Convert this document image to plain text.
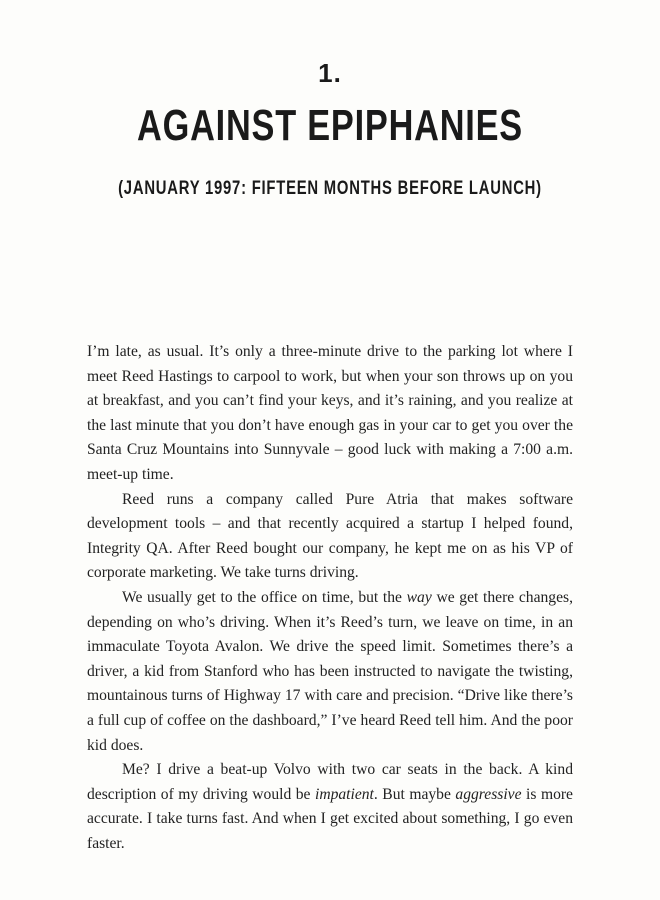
1.
AGAINST EPIPHANIES
(JANUARY 1997: FIFTEEN MONTHS BEFORE LAUNCH)

I’m late, as usual. It’s only a three-minute drive to the parking lot where I meet Reed Hastings to carpool to work, but when your son throws up on you at breakfast, and you can’t find your keys, and it’s raining, and you realize at the last minute that you don’t have enough gas in your car to get you over the Santa Cruz Mountains into Sunnyvale – good luck with making a 7:00 a.m. meet-up time.

Reed runs a company called Pure Atria that makes software development tools – and that recently acquired a startup I helped found, Integrity QA. After Reed bought our company, he kept me on as his VP of corporate marketing. We take turns driving.

We usually get to the office on time, but the way we get there changes, depending on who’s driving. When it’s Reed’s turn, we leave on time, in an immaculate Toyota Avalon. We drive the speed limit. Sometimes there’s a driver, a kid from Stanford who has been instructed to navigate the twisting, mountainous turns of Highway 17 with care and precision. “Drive like there’s a full cup of coffee on the dashboard,” I’ve heard Reed tell him. And the poor kid does.

Me? I drive a beat-up Volvo with two car seats in the back. A kind description of my driving would be impatient. But maybe aggressive is more accurate. I take turns fast. And when I get excited about something, I go even faster.
